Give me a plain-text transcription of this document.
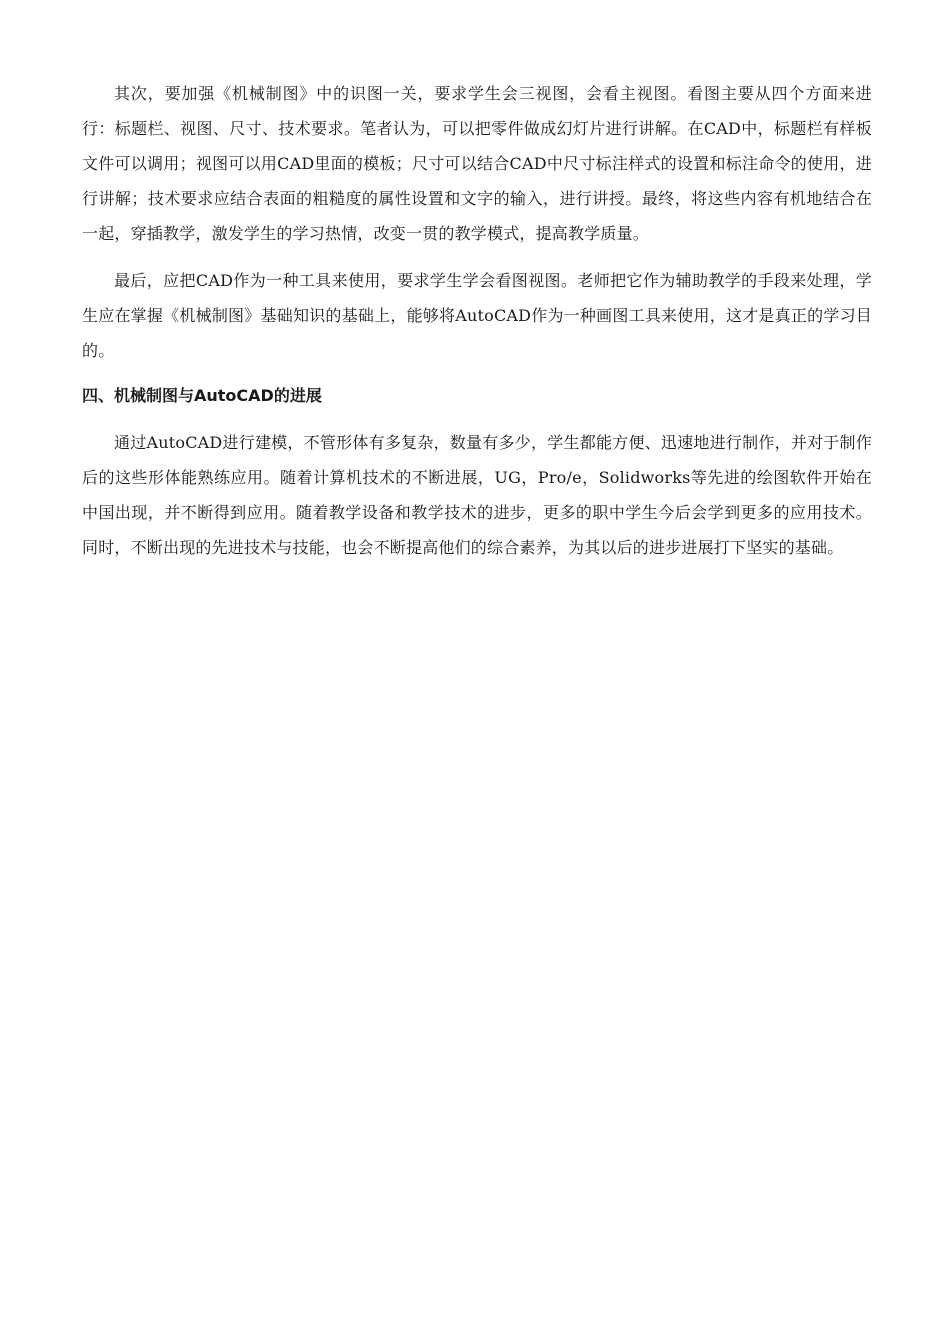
其次，要加强《机械制图》中的识图一关，要求学生会三视图，会看主视图。看图主要从四个方面来进行：标题栏、视图、尺寸、技术要求。笔者认为，可以把零件做成幻灯片进行讲解。在CAD中，标题栏有样板文件可以调用；视图可以用CAD里面的模板；尺寸可以结合CAD中尺寸标注样式的设置和标注命令的使用，进行讲解；技术要求应结合表面的粗糙度的属性设置和文字的输入，进行讲授。最终，将这些内容有机地结合在一起，穿插教学，激发学生的学习热情，改变一贯的教学模式，提高教学质量。

最后，应把CAD作为一种工具来使用，要求学生学会看图视图。老师把它作为辅助教学的手段来处理，学生应在掌握《机械制图》基础知识的基础上，能够将AutoCAD作为一种画图工具来使用，这才是真正的学习目的。

四、机械制图与AutoCAD的进展

通过AutoCAD进行建模，不管形体有多复杂，数量有多少，学生都能方便、迅速地进行制作，并对于制作后的这些形体能熟练应用。随着计算机技术的不断进展，UG，Pro/e，Solidworks等先进的绘图软件开始在中国出现，并不断得到应用。随着教学设备和教学技术的进步，更多的职中学生今后会学到更多的应用技术。同时，不断出现的先进技术与技能，也会不断提高他们的综合素养，为其以后的进步进展打下坚实的基础。
